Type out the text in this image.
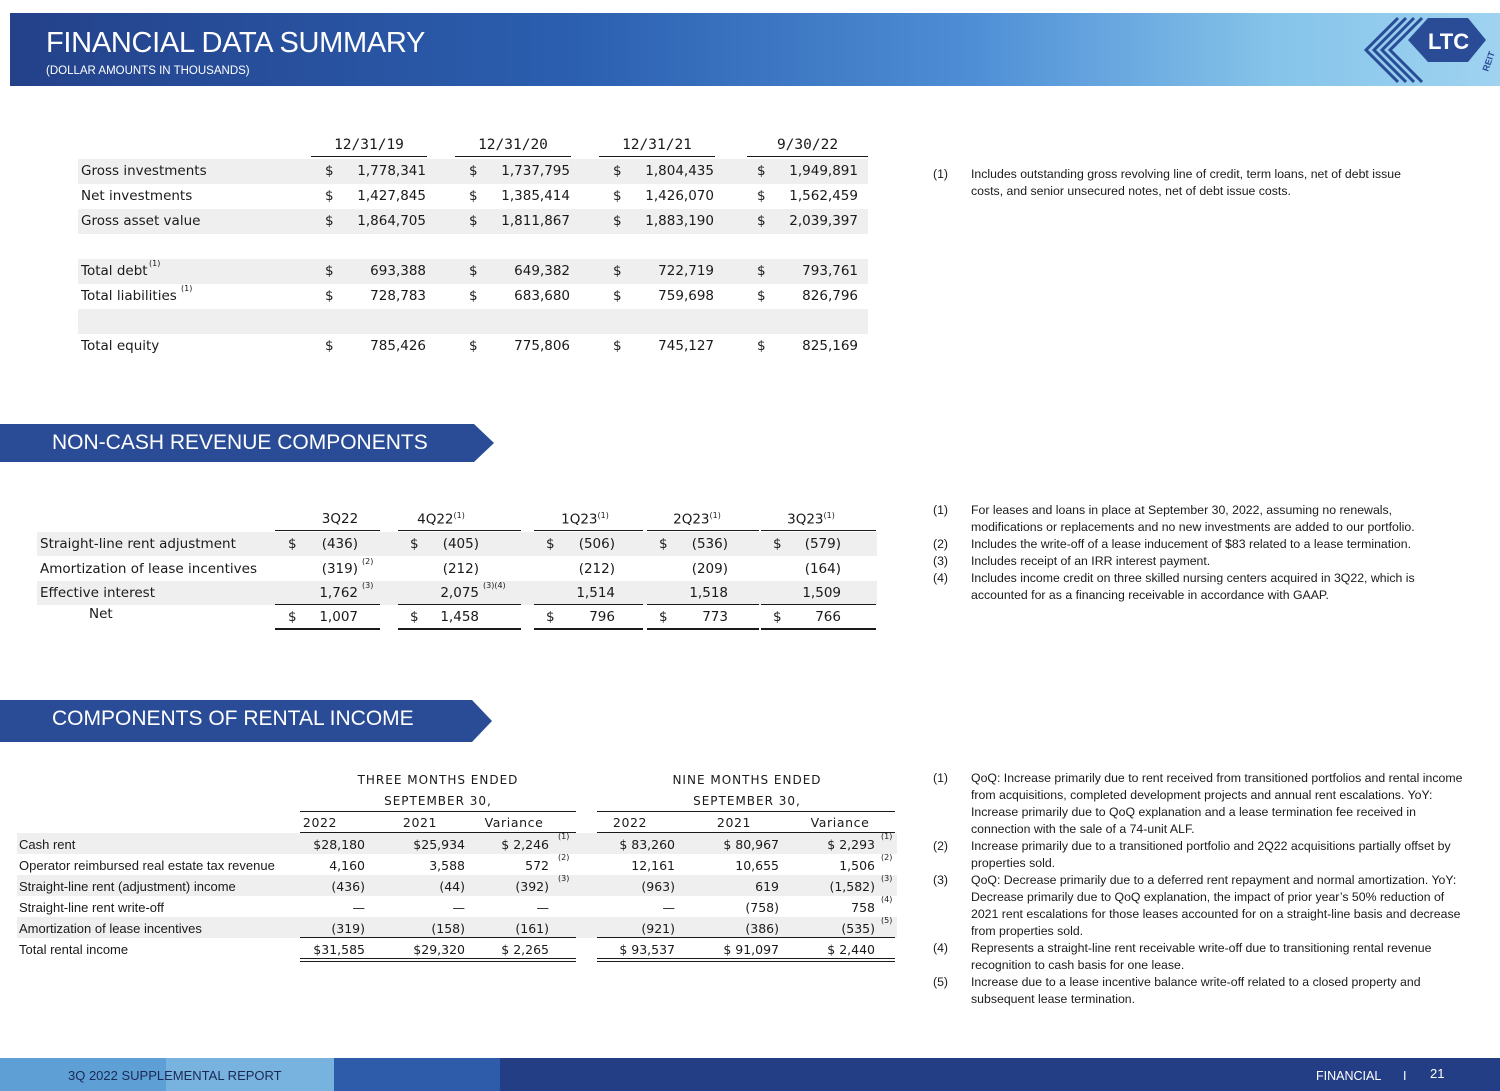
FINANCIAL DATA SUMMARY
(DOLLAR AMOUNTS IN THOUSANDS)
LTC
REIT
12/31/19	12/31/20	12/31/21	9/30/22
Gross investments	$	1,778,341	$	1,737,795	$	1,804,435	$	1,949,891
Net investments	$	1,427,845	$	1,385,414	$	1,426,070	$	1,562,459
Gross asset value	$	1,864,705	$	1,811,867	$	1,883,190	$	2,039,397
Total debt (1)	$	693,388	$	649,382	$	722,719	$	793,761
Total liabilities (1)	$	728,783	$	683,680	$	759,698	$	826,796
Total equity	$	785,426	$	775,806	$	745,127	$	825,169
(1) Includes outstanding gross revolving line of credit, term loans, net of debt issue costs, and senior unsecured notes, net of debt issue costs.
NON-CASH REVENUE COMPONENTS
3Q22	4Q22$^{(1)}$	1Q23$^{(1)}$	2Q23$^{(1)}$	3Q23$^{(1)}$
Straight-line rent adjustment	$	(436)	$	(405)	$	(506)	$	(536)	$	(579)
Amortization of lease incentives	(319) (2)	(212)	(212)	(209)	(164)
Effective interest	1,762 (3)	2,075 (3)(4)	1,514	1,518	1,509
Net	$	1,007	$	1,458	$	796	$	773	$	766
(1) For leases and loans in place at September 30, 2022, assuming no renewals, modifications or replacements and no new investments are added to our portfolio.
(2) Includes the write-off of a lease inducement of $83 related to a lease termination.
(3) Includes receipt of an IRR interest payment.
(4) Includes income credit on three skilled nursing centers acquired in 3Q22, which is accounted for as a financing receivable in accordance with GAAP.
COMPONENTS OF RENTAL INCOME
THREE MONTHS ENDED
SEPTEMBER 30,
NINE MONTHS ENDED
SEPTEMBER 30,
2022	2021	Variance	2022	2021	Variance
Cash rent	$28,180	$25,934	$ 2,246	$ 83,260	$ 80,967	$ 2,293
(1)	(1)
Operator reimbursed real estate tax revenue	4,160	3,588	572	12,161	10,655	1,506
(2)	(2)
Straight-line rent (adjustment) income	(436)	(44)	(392)	(963)	619	(1,582)
(3)	(3)
Straight-line rent write-off	—	—	—	—	(758)	758
(4)
Amortization of lease incentives	(319)	(158)	(161)	(921)	(386)	(535)
(5)
Total rental income	$31,585	$29,320	$ 2,265	$ 93,537	$ 91,097	$ 2,440
(1) QoQ: Increase primarily due to rent received from transitioned portfolios and rental income from acquisitions, completed development projects and annual rent escalations. YoY: Increase primarily due to QoQ explanation and a lease termination fee received in connection with the sale of a 74-unit ALF.
(2) Increase primarily due to a transitioned portfolio and 2Q22 acquisitions partially offset by properties sold.
(3) QoQ: Decrease primarily due to a deferred rent repayment and normal amortization. YoY: Decrease primarily due to QoQ explanation, the impact of prior year’s 50% reduction of 2021 rent escalations for those leases accounted for on a straight-line basis and decrease from properties sold.
(4) Represents a straight-line rent receivable write-off due to transitioning rental revenue recognition to cash basis for one lease.
(5) Increase due to a lease incentive balance write-off related to a closed property and subsequent lease termination.
3Q 2022 SUPPLEMENTAL REPORT	FINANCIAL I 21
